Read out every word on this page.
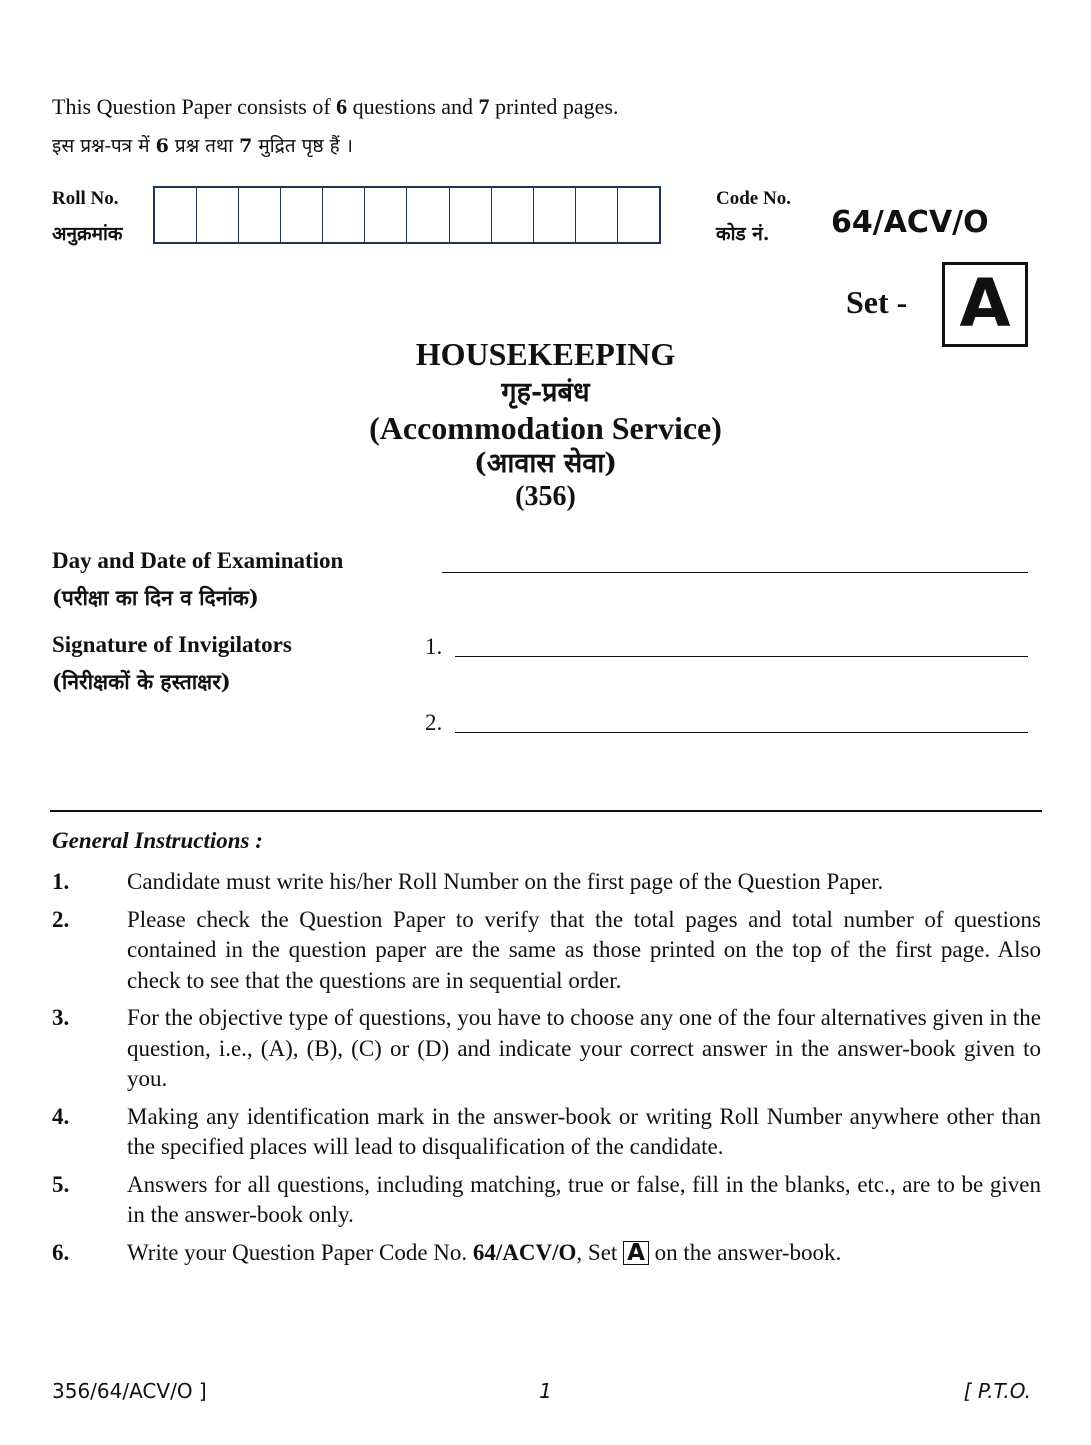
This Question Paper consists of 6 questions and 7 printed pages.
इस प्रश्न-पत्र में 6 प्रश्न तथा 7 मुद्रित पृष्ठ हैं ।
Roll No.
अनुक्रमांक
Code No.
कोड नं. 64/ACV/O
Set - A
HOUSEKEEPING
गृह-प्रबंध
(Accommodation Service)
(आवास सेवा)
(356)
Day and Date of Examination
(परीक्षा का दिन व दिनांक)
Signature of Invigilators
(निरीक्षकों के हस्ताक्षर)
1.
2.
General Instructions :
1.	Candidate must write his/her Roll Number on the first page of the Question Paper.
2.	Please check the Question Paper to verify that the total pages and total number of questions contained in the question paper are the same as those printed on the top of the first page. Also check to see that the questions are in sequential order.
3.	For the objective type of questions, you have to choose any one of the four alternatives given in the question, i.e., (A), (B), (C) or (D) and indicate your correct answer in the answer-book given to you.
4.	Making any identification mark in the answer-book or writing Roll Number anywhere other than the specified places will lead to disqualification of the candidate.
5.	Answers for all questions, including matching, true or false, fill in the blanks, etc., are to be given in the answer-book only.
6.	Write your Question Paper Code No. 64/ACV/O, Set A on the answer-book.
356/64/ACV/O ]	1	[ P.T.O.
